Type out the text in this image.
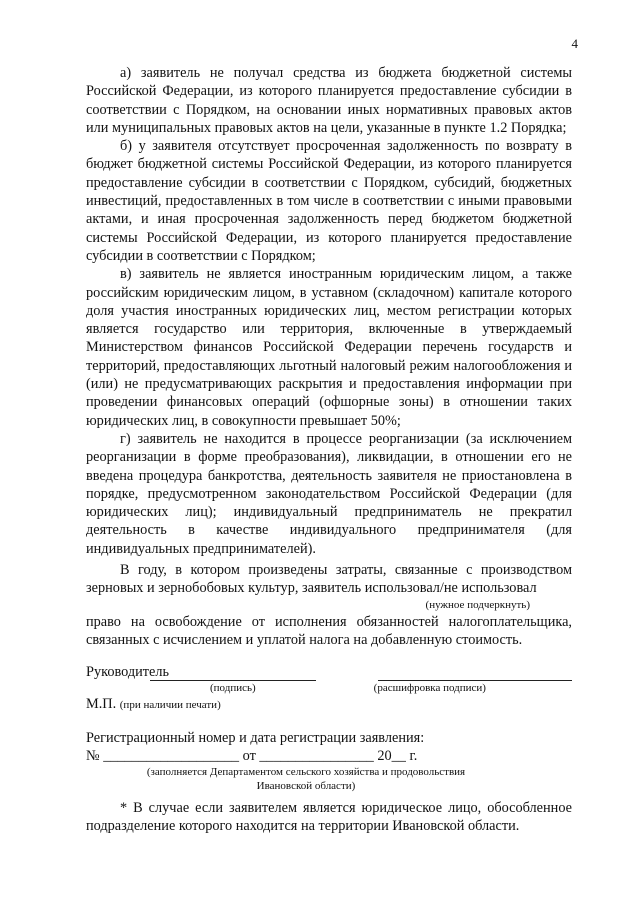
4

а) заявитель не получал средства из бюджета бюджетной системы Российской Федерации, из которого планируется предоставление субсидии в соответствии с Порядком, на основании иных нормативных правовых актов или муниципальных правовых актов на цели, указанные в пункте 1.2 Порядка;

б) у заявителя отсутствует просроченная задолженность по возврату в бюджет бюджетной системы Российской Федерации, из которого планируется предоставление субсидии в соответствии с Порядком, субсидий, бюджетных инвестиций, предоставленных в том числе в соответствии с иными правовыми актами, и иная просроченная задолженность перед бюджетом бюджетной системы Российской Федерации, из которого планируется предоставление субсидии в соответствии с Порядком;

в) заявитель не является иностранным юридическим лицом, а также российским юридическим лицом, в уставном (складочном) капитале которого доля участия иностранных юридических лиц, местом регистрации которых является государство или территория, включенные в утверждаемый Министерством финансов Российской Федерации перечень государств и территорий, предоставляющих льготный налоговый режим налогообложения и (или) не предусматривающих раскрытия и предоставления информации при проведении финансовых операций (офшорные зоны) в отношении таких юридических лиц, в совокупности превышает 50%;

г) заявитель не находится в процессе реорганизации (за исключением реорганизации в форме преобразования), ликвидации, в отношении его не введена процедура банкротства, деятельность заявителя не приостановлена в порядке, предусмотренном законодательством Российской Федерации (для юридических лиц); индивидуальный предприниматель не прекратил деятельность в качестве индивидуального предпринимателя (для индивидуальных предпринимателей).

В году, в котором произведены затраты, связанные с производством зерновых и зернобобовых культур, заявитель использовал/не использовал

(нужное подчеркнуть)

право на освобождение от исполнения обязанностей налогоплательщика, связанных с исчислением и уплатой налога на добавленную стоимость.

Руководитель
(подпись)	(расшифровка подписи)

М.П. (при наличии печати)

Регистрационный номер и дата регистрации заявления:

№ ___________________ от ________________ 20__ г.

(заполняется Департаментом сельского хозяйства и продовольствия

Ивановской области)

* В случае если заявителем является юридическое лицо, обособленное подразделение которого находится на территории Ивановской области.
